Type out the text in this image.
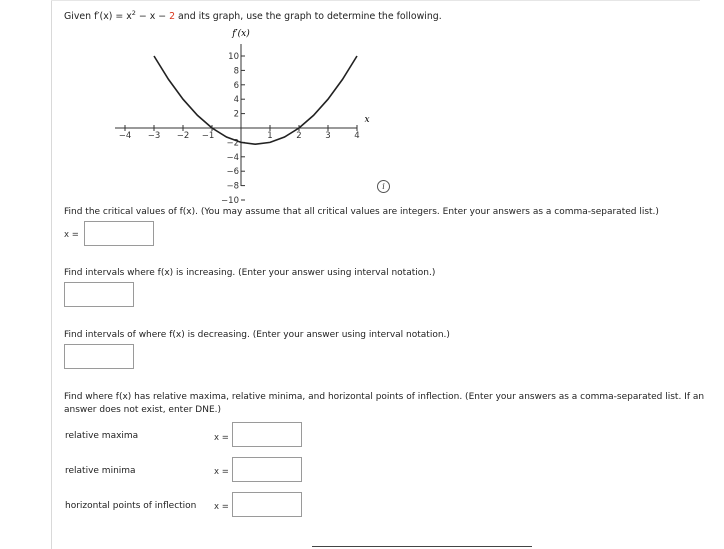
Given $f'(x) = x^2 - x - 2$ and its graph, use the graph to determine the following.
f′(x)
x
−4 −3 −2 −1	1	2	3	4
10
8
6
4
2
−2
−4
−6
−8
−10
i
Find the critical values of f(x). (You may assume that all critical values are integers. Enter your answers as a comma-separated list.)
x =
Find intervals where f(x) is increasing. (Enter your answer using interval notation.)
Find intervals of where f(x) is decreasing. (Enter your answer using interval notation.)
Find where f(x) has relative maxima, relative minima, and horizontal points of inflection. (Enter your answers as a comma-separated list. If an answer does not exist, enter DNE.)
relative maxima	x =
relative minima	x =
horizontal points of inflection x =
